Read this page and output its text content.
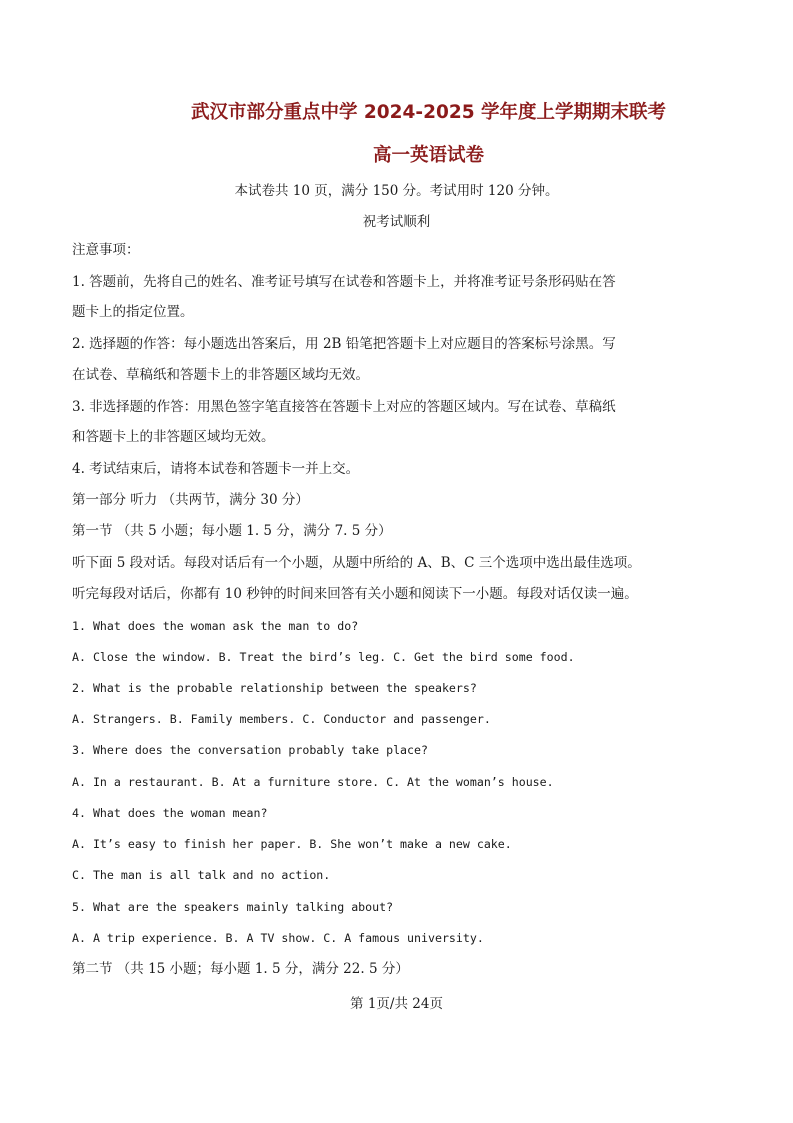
武汉市部分重点中学 2024-2025 学年度上学期期末联考
高一英语试卷
本试卷共 10 页，满分 150 分。考试用时 120 分钟。
祝考试顺利
注意事项：
1. 答题前，先将自己的姓名、准考证号填写在试卷和答题卡上，并将准考证号条形码贴在答
题卡上的指定位置。
2. 选择题的作答：每小题选出答案后，用 2B 铅笔把答题卡上对应题目的答案标号涂黑。写
在试卷、草稿纸和答题卡上的非答题区域均无效。
3. 非选择题的作答：用黑色签字笔直接答在答题卡上对应的答题区域内。写在试卷、草稿纸
和答题卡上的非答题区域均无效。
4. 考试结束后，请将本试卷和答题卡一并上交。
第一部分 听力 （共两节，满分 30 分）
第一节 （共 5 小题；每小题 1. 5 分，满分 7. 5 分）
听下面 5 段对话。每段对话后有一个小题，从题中所给的 A、B、C 三个选项中选出最佳选项。
听完每段对话后，你都有 10 秒钟的时间来回答有关小题和阅读下一小题。每段对话仅读一遍。
1. What does the woman ask the man to do?
A. Close the window. B. Treat the bird’s leg. C. Get the bird some food.
2. What is the probable relationship between the speakers?
A. Strangers. B. Family members. C. Conductor and passenger.
3. Where does the conversation probably take place?
A. In a restaurant. B. At a furniture store. C. At the woman’s house.
4. What does the woman mean?
A. It’s easy to finish her paper. B. She won’t make a new cake.
C. The man is all talk and no action.
5. What are the speakers mainly talking about?
A. A trip experience. B. A TV show. C. A famous university.
第二节 （共 15 小题；每小题 1. 5 分，满分 22. 5 分）
第 1页/共 24页
